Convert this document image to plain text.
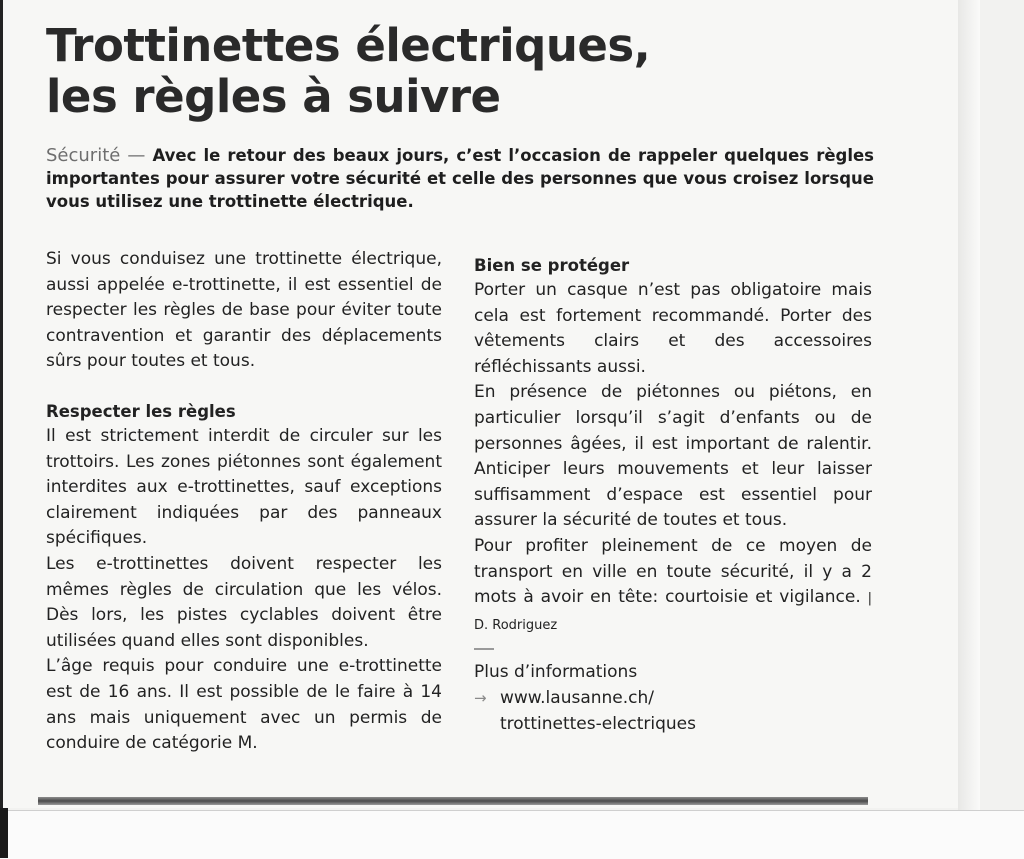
Trottinettes électriques,
les règles à suivre

Sécurité — Avec le retour des beaux jours, c’est l’occasion de rappeler quelques règles importantes pour assurer votre sécurité et celle des personnes que vous croisez lorsque vous utilisez une trottinette électrique.

Si vous conduisez une trottinette électrique, aussi appelée e-trottinette, il est essentiel de respecter les règles de base pour éviter toute contravention et garantir des déplacements sûrs pour toutes et tous.

Respecter les règles

Il est strictement interdit de circuler sur les trottoirs. Les zones piétonnes sont également interdites aux e-trottinettes, sauf exceptions clairement indiquées par des panneaux spécifiques.

Les e-trottinettes doivent respecter les mêmes règles de circulation que les vélos. Dès lors, les pistes cyclables doivent être utilisées quand elles sont disponibles.

L’âge requis pour conduire une e-trottinette est de 16 ans. Il est possible de le faire à 14 ans mais uniquement avec un permis de conduire de catégorie M.

Bien se protéger

Porter un casque n’est pas obligatoire mais cela est fortement recommandé. Porter des vêtements clairs et des accessoires réfléchissants aussi.

En présence de piétonnes ou piétons, en particulier lorsqu’il s’agit d’enfants ou de personnes âgées, il est important de ralentir. Anticiper leurs mouvements et leur laisser suffisamment d’espace est essentiel pour assurer la sécurité de toutes et tous.

Pour profiter pleinement de ce moyen de transport en ville en toute sécurité, il y a 2 mots à avoir en tête: courtoisie et vigilance. | D. Rodriguez

Plus d’informations
→ www.lausanne.ch/
trottinettes-electriques
